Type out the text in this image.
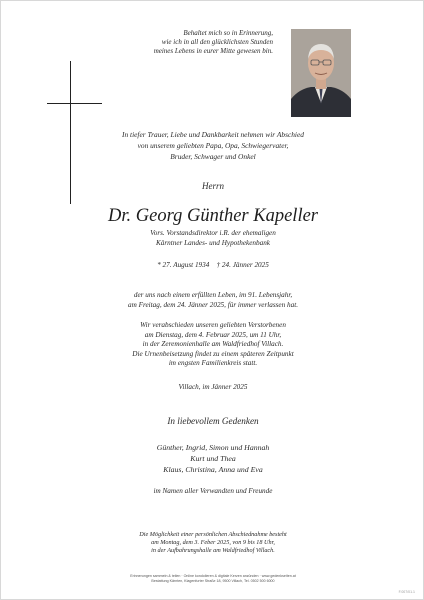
Behaltet mich so in Erinnerung,
wie ich in all den glücklichsten Stunden
meines Lebens in eurer Mitte gewesen bin.
In tiefer Trauer, Liebe und Dankbarkeit nehmen wir Abschied
von unserem geliebten Papa, Opa, Schwiegervater,
Bruder, Schwager und Onkel
Herrn
Dr. Georg Günther Kapeller
Vors. Vorstandsdirektor i.R. der ehemaligen
Kärntner Landes- und Hypothekenbank
* 27. August 1934 † 24. Jänner 2025
der uns nach einem erfüllten Leben, im 91. Lebensjahr,
am Freitag, dem 24. Jänner 2025, für immer verlassen hat.
Wir verabschieden unseren geliebten Verstorbenen
am Dienstag, dem 4. Februar 2025, um 11 Uhr,
in der Zeremonienhalle am Waldfriedhof Villach.
Die Urnenbeisetzung findet zu einem späteren Zeitpunkt
im engsten Familienkreis statt.
Villach, im Jänner 2025
In liebevollem Gedenken
Günther, Ingrid, Simon und Hannah
Kurt und Thea
Klaus, Christina, Anna und Eva
im Namen aller Verwandten und Freunde
Die Möglichkeit einer persönlichen Abschiednahme besteht
am Montag, dem 3. Feber 2025, von 9 bis 18 Uhr,
in der Aufbahrungshalle am Waldfriedhof Villach.
Erinnerungen sammeln & teilen · Online kondolieren & digitale Kerzen anzünden · www.gedenkseiten.at
Bestattung Kärnten, Klagenfurter Straße 18, 9500 Villach, Tel. 0502 500 6000
F.007/01.1
